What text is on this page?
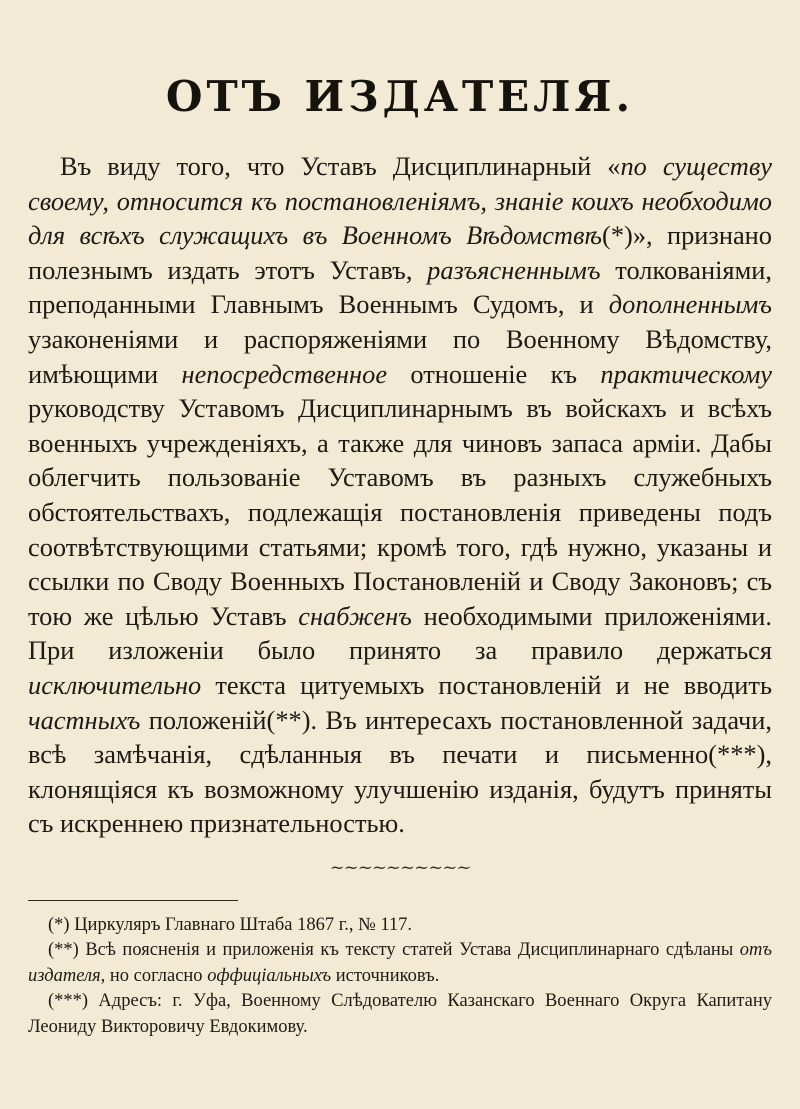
ОТЪ ИЗДАТЕЛЯ.

Въ виду того, что Уставъ Дисциплинарный «по существу своему, относится къ постановленіямъ, знаніе коихъ необходимо для всѣхъ служащихъ въ Военномъ Вѣдомствѣ(*)», признано полезнымъ издать этотъ Уставъ, разъясненнымъ толкованіями, преподанными Главнымъ Военнымъ Судомъ, и дополненнымъ узаконеніями и распоряженіями по Военному Вѣдомству, имѣющими непосредственное отношеніе къ практическому руководству Уставомъ Дисциплинарнымъ въ войскахъ и всѣхъ военныхъ учрежденіяхъ, а также для чиновъ запаса арміи. Дабы облегчить пользованіе Уставомъ въ разныхъ служебныхъ обстоятельствахъ, подлежащія постановленія приведены подъ соотвѣтствующими статьями; кромѣ того, гдѣ нужно, указаны и ссылки по Своду Военныхъ Постановленій и Своду Законовъ; съ тою же цѣлью Уставъ снабженъ необходимыми приложеніями. При изложеніи было принято за правило держаться исключительно текста цитуемыхъ постановленій и не вводить частныхъ положеній(**). Въ интересахъ постановленной задачи, всѣ замѣчанія, сдѣланныя въ печати и письменно(***), клонящіяся къ возможному улучшенію изданія, будутъ приняты съ искреннею признательностью.

~~~~~~~~~~

(*) Циркуляръ Главнаго Штаба 1867 г., № 117.

(**) Всѣ поясненія и приложенія къ тексту статей Устава Дисциплинарнаго сдѣланы отъ издателя, но согласно оффиціальныхъ источниковъ.

(***) Адресъ: г. Уфа, Военному Слѣдователю Казанскаго Военнаго Округа Капитану Леониду Викторовичу Евдокимову.
